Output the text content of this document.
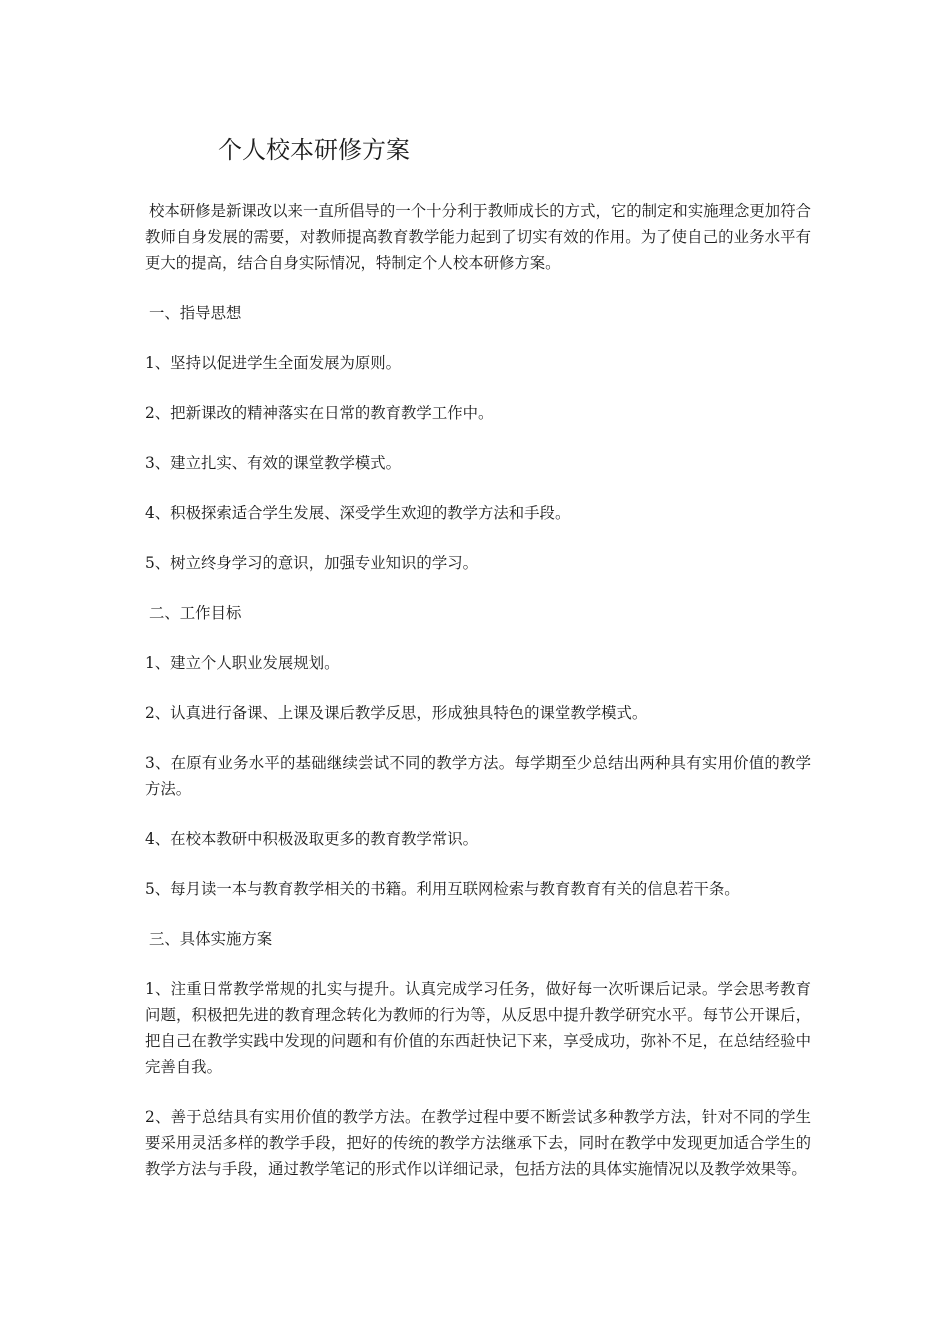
个人校本研修方案

校本研修是新课改以来一直所倡导的一个十分利于教师成长的方式，它的制定和实施理念更加符合教师自身发展的需要，对教师提高教育教学能力起到了切实有效的作用。为了使自己的业务水平有更大的提高，结合自身实际情况，特制定个人校本研修方案。

一、指导思想

1、坚持以促进学生全面发展为原则。

2、把新课改的精神落实在日常的教育教学工作中。

3、建立扎实、有效的课堂教学模式。

4、积极探索适合学生发展、深受学生欢迎的教学方法和手段。

5、树立终身学习的意识，加强专业知识的学习。

二、工作目标

1、建立个人职业发展规划。

2、认真进行备课、上课及课后教学反思，形成独具特色的课堂教学模式。

3、在原有业务水平的基础继续尝试不同的教学方法。每学期至少总结出两种具有实用价值的教学方法。

4、在校本教研中积极汲取更多的教育教学常识。

5、每月读一本与教育教学相关的书籍。利用互联网检索与教育教育有关的信息若干条。

三、具体实施方案

1、注重日常教学常规的扎实与提升。认真完成学习任务，做好每一次听课后记录。学会思考教育问题，积极把先进的教育理念转化为教师的行为等，从反思中提升教学研究水平。每节公开课后，把自己在教学实践中发现的问题和有价值的东西赶快记下来，享受成功，弥补不足，在总结经验中完善自我。

2、善于总结具有实用价值的教学方法。在教学过程中要不断尝试多种教学方法，针对不同的学生要采用灵活多样的教学手段，把好的传统的教学方法继承下去，同时在教学中发现更加适合学生的教学方法与手段，通过教学笔记的形式作以详细记录，包括方法的具体实施情况以及教学效果等。
